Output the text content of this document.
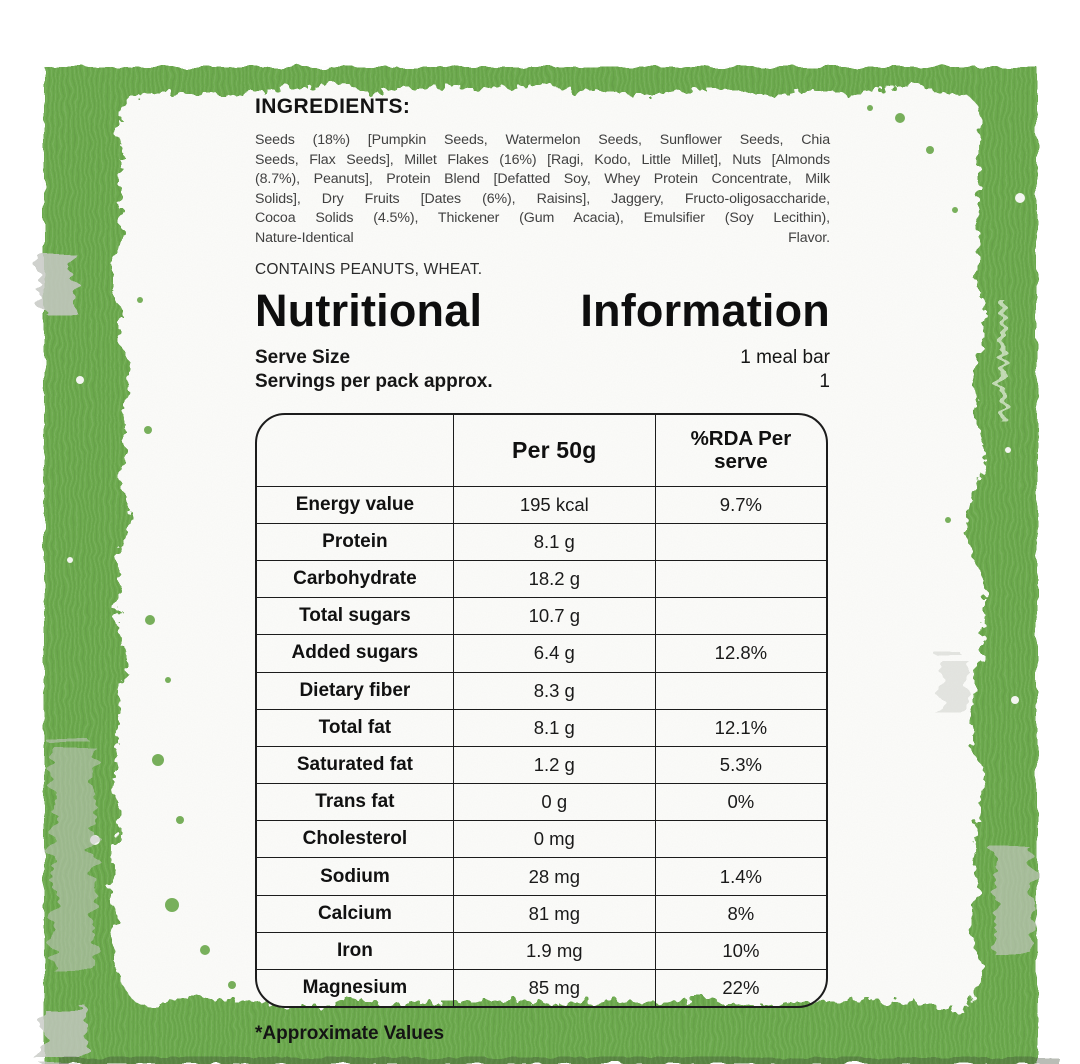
INGREDIENTS:
Seeds (18%) [Pumpkin Seeds, Watermelon Seeds, Sunflower Seeds, Chia
Seeds, Flax Seeds], Millet Flakes (16%) [Ragi, Kodo, Little Millet], Nuts [Almonds
(8.7%), Peanuts], Protein Blend [Defatted Soy, Whey Protein Concentrate, Milk
Solids], Dry Fruits [Dates (6%), Raisins], Jaggery, Fructo-oligosaccharide,
Cocoa Solids (4.5%), Thickener (Gum Acacia), Emulsifier (Soy Lecithin),
Nature-Identical Flavor.
CONTAINS PEANUTS, WHEAT.
Nutritional Information
Serve Size	1 meal bar
Servings per pack approx.	1
	Per 50g	%RDA Per
serve

Energy value	195 kcal	9.7%
Protein	8.1 g	
Carbohydrate	18.2 g	
Total sugars	10.7 g	
Added sugars	6.4 g	12.8%
Dietary fiber	8.3 g	
Total fat	8.1 g	12.1%
Saturated fat	1.2 g	5.3%
Trans fat	0 g	0%
Cholesterol	0 mg	
Sodium	28 mg	1.4%
Calcium	81 mg	8%
Iron	1.9 mg	10%
Magnesium	85 mg	22%
*Approximate Values
